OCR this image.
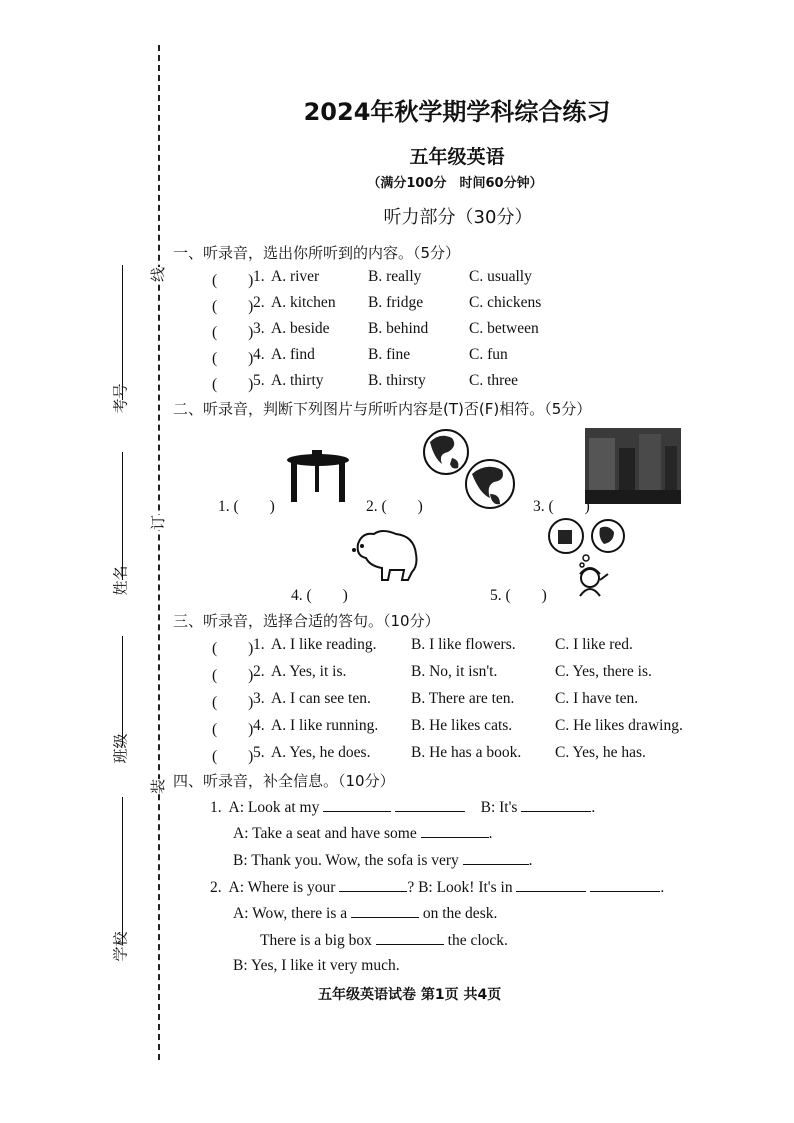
线
订
装
考号
姓名
班级
学校
2024年秋学期学科综合练习
五年级英语
（满分100分　时间60分钟）
听力部分（30分）
一、听录音，选出你所听到的内容。（5分）
(　　) 1. A. river	B. really	C. usually
(　　) 2. A. kitchen B. fridge	C. chickens
(　　) 3. A. beside B. behind	C. between
(　　) 4. A. find	B. fine	C. fun
(　　) 5. A. thirty	B. thirsty	C. three
二、听录音，判断下列图片与所听内容是(T)否(F)相符。（5分）
1. (　　)	2. (　　)	3. (　　)
4. (　　)	5. (　　)
三、听录音，选择合适的答句。（10分）
(　　) 1. A. I like reading. B. I like flowers.	C. I like red.
(　　) 2. A. Yes, it is.	B. No, it isn't.	C. Yes, there is.
(　　) 3. A. I can see ten.	B. There are ten.	C. I have ten.
(　　) 4. A. I like running. B. He likes cats.	C. He likes drawing.
(　　) 5. A. Yes, he does.	B. He has a book. C. Yes, he has.
四、听录音，补全信息。（10分）
1. A: Look at my	B: It's	.
A: Take a seat and have some	.
B: Thank you. Wow, the sofa is very	.
2. A: Where is your	? B: Look! It's in	.
A: Wow, there is a	on the desk.
There is a big box	the clock.
B: Yes, I like it very much.
五年级英语试卷 第1页 共4页
